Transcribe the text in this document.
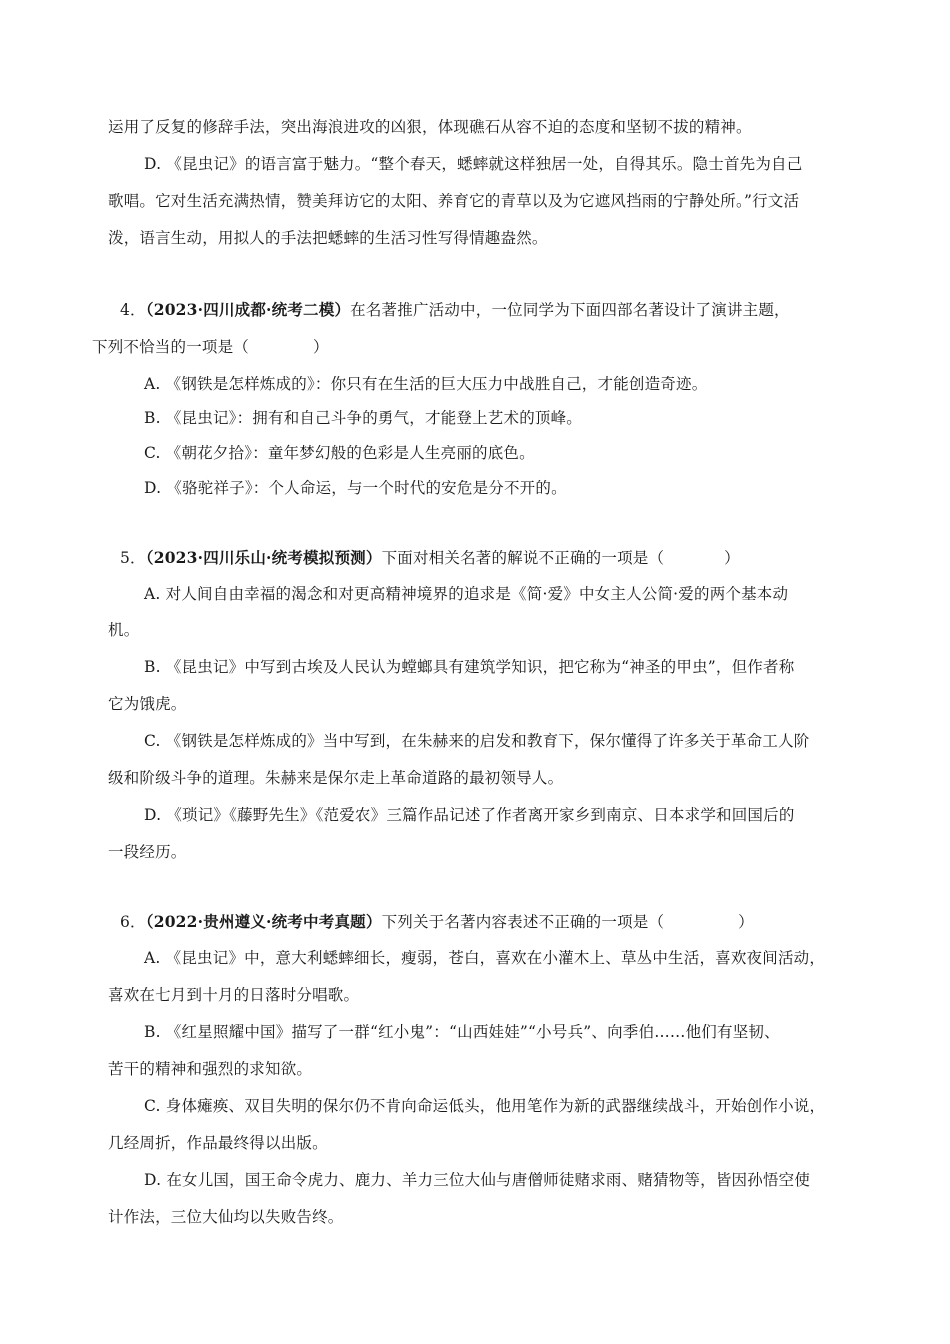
运用了反复的修辞手法，突出海浪进攻的凶狠，体现礁石从容不迫的态度和坚韧不拔的精神。
D. 《昆虫记》的语言富于魅力。“整个春天，蟋蟀就这样独居一处，自得其乐。隐士首先为自己
歌唱。它对生活充满热情，赞美拜访它的太阳、养育它的青草以及为它遮风挡雨的宁静处所。”行文活
泼，语言生动，用拟人的手法把蟋蟀的生活习性写得情趣盎然。
4．（2023·四川成都·统考二模）在名著推广活动中，一位同学为下面四部名著设计了演讲主题，
下列不恰当的一项是（	）
A. 《钢铁是怎样炼成的》：你只有在生活的巨大压力中战胜自己，才能创造奇迹。
B. 《昆虫记》：拥有和自己斗争的勇气，才能登上艺术的顶峰。
C. 《朝花夕拾》：童年梦幻般的色彩是人生亮丽的底色。
D. 《骆驼祥子》：个人命运，与一个时代的安危是分不开的。
5．（2023·四川乐山·统考模拟预测）下面对相关名著的解说不正确的一项是（	）
A. 对人间自由幸福的渴念和对更高精神境界的追求是《简·爱》中女主人公简·爱的两个基本动
机。
B. 《昆虫记》中写到古埃及人民认为螳螂具有建筑学知识，把它称为“神圣的甲虫”，但作者称
它为饿虎。
C. 《钢铁是怎样炼成的》当中写到，在朱赫来的启发和教育下，保尔懂得了许多关于革命工人阶
级和阶级斗争的道理。朱赫来是保尔走上革命道路的最初领导人。
D. 《琐记》《藤野先生》《范爱农》三篇作品记述了作者离开家乡到南京、日本求学和回国后的
一段经历。
6．（2022·贵州遵义·统考中考真题）下列关于名著内容表述不正确的一项是（	）
A. 《昆虫记》中，意大利蟋蟀细长，瘦弱，苍白，喜欢在小灌木上、草丛中生活，喜欢夜间活动，
喜欢在七月到十月的日落时分唱歌。
B. 《红星照耀中国》描写了一群“红小鬼”：“山西娃娃”“小号兵”、向季伯……他们有坚韧、
苦干的精神和强烈的求知欲。
C. 身体瘫痪、双目失明的保尔仍不肯向命运低头，他用笔作为新的武器继续战斗，开始创作小说，
几经周折，作品最终得以出版。
D. 在女儿国，国王命令虎力、鹿力、羊力三位大仙与唐僧师徒赌求雨、赌猜物等，皆因孙悟空使
计作法，三位大仙均以失败告终。
